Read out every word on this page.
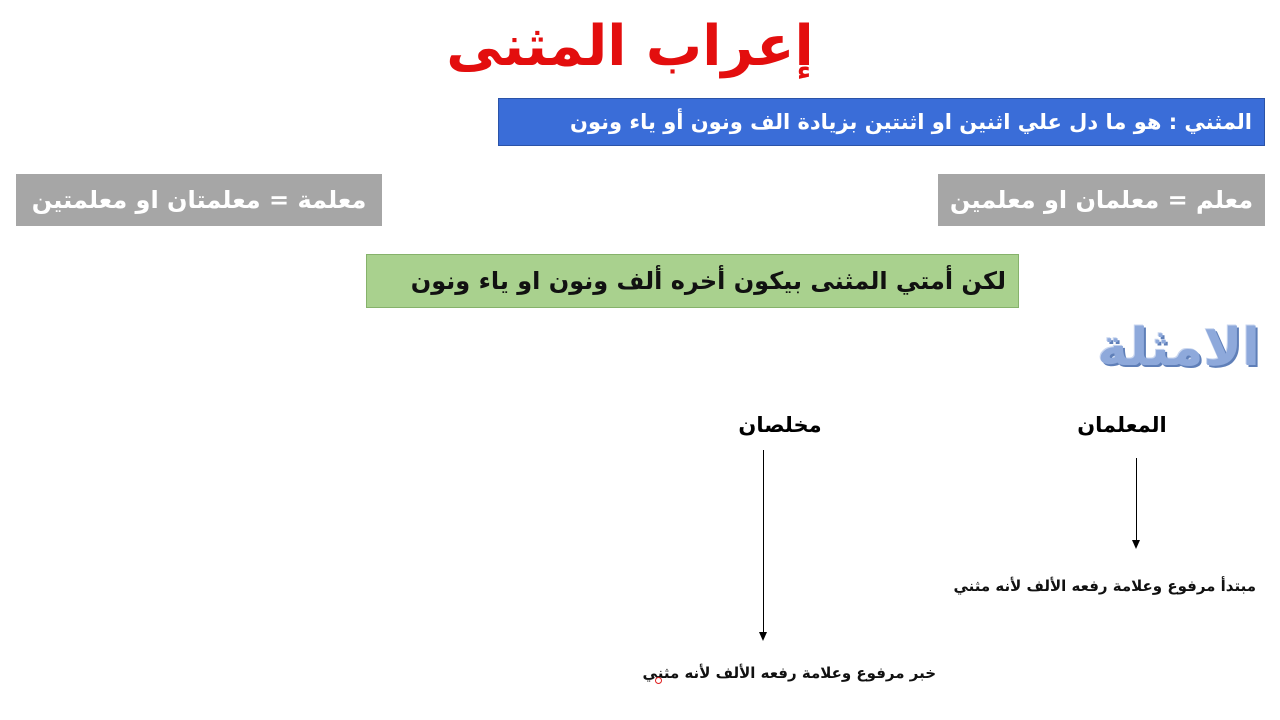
إعراب المثنى
المثني : هو ما دل علي اثنين او اثنتين بزيادة الف ونون أو ياء ونون
معلمة = معلمتان او معلمتين	معلم = معلمان او معلمين
لكن أمتي المثنى بيكون أخره ألف ونون او ياء ونون
الامثلة
المعلمان
مبتدأ مرفوع وعلامة رفعه الألف لأنه مثني
مخلصان
خبر مرفوع وعلامة رفعه الألف لأنه مثني
